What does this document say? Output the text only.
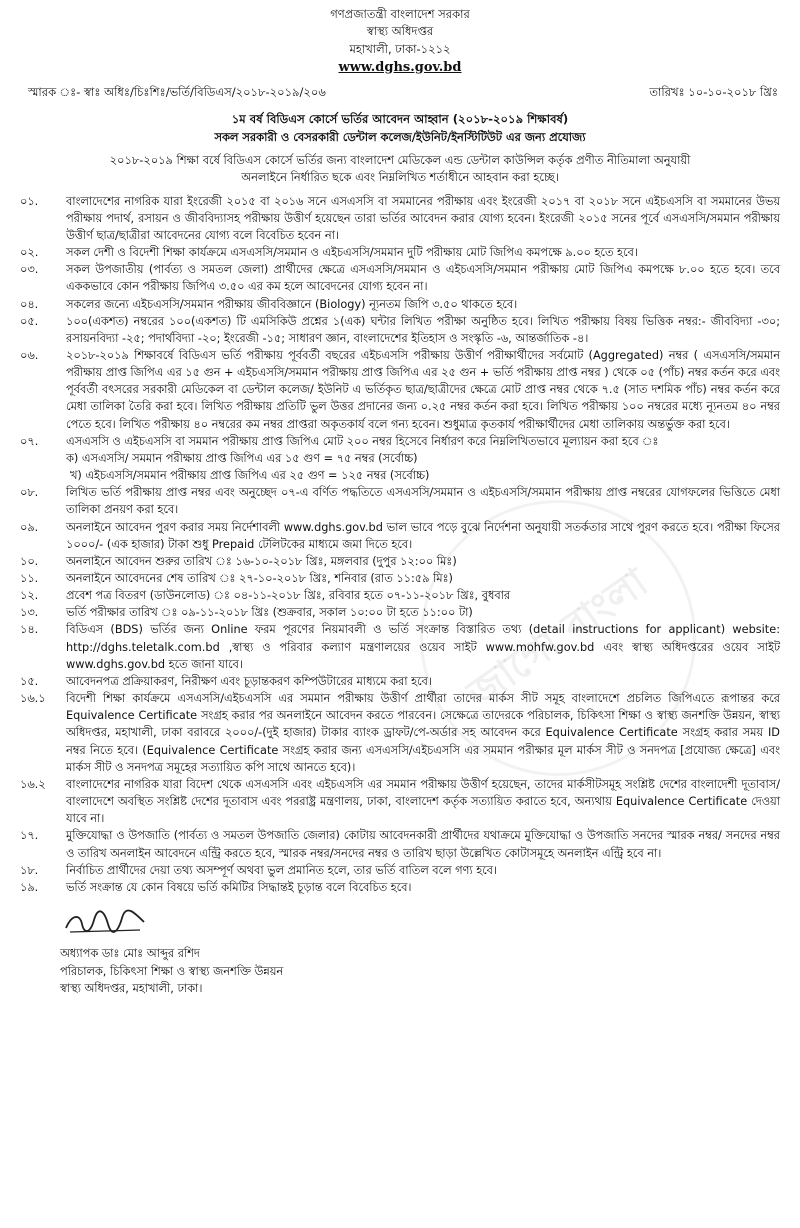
জাগো বাংলা
গণপ্রজাতন্ত্রী বাংলাদেশ সরকার
স্বাস্থ্য অধিদপ্তর
মহাখালী, ঢাকা-১২১২
www.dghs.gov.bd
স্মারক ঃ- স্বাঃ অধিঃ/চিঃশিঃ/ভর্তি/বিডিএস/২০১৮-২০১৯/২০৬	তারিখঃ ১০-১০-২০১৮ খ্রিঃ
১ম বর্ষ বিডিএস কোর্সে ভর্তির আবেদন আহ্বান (২০১৮-২০১৯ শিক্ষাবর্ষ)
সকল সরকারী ও বেসরকারী ডেন্টাল কলেজ/ইউনিট/ইনস্টিটিউট এর জন্য প্রযোজ্য
২০১৮-২০১৯ শিক্ষা বর্ষে বিডিএস কোর্সে ভর্তির জন্য বাংলাদেশ মেডিকেল এন্ড ডেন্টাল কাউন্সিল কর্তৃক প্রণীত নীতিমালা অনুযায়ী
অনলাইনে নির্ধারিত ছকে এবং নিম্নলিখিত শর্তাধীনে আহবান করা হচ্ছে।
০১.	বাংলাদেশের নাগরিক যারা ইংরেজী ২০১৫ বা ২০১৬ সনে এসএসসি বা সমমানের পরীক্ষায় এবং ইংরেজী ২০১৭ বা ২০১৮ সনে এইচএসসি বা সমমানের উভয় পরীক্ষায় পদার্থ, রসায়ন ও জীববিদ্যাসহ পরীক্ষায় উত্তীর্ণ হয়েছেন তারা ভর্তির আবেদন করার যোগ্য হবেন। ইংরেজী ২০১৫ সনের পূর্বে এসএসসি/সমমান পরীক্ষায় উত্তীর্ণ ছাত্র/ছাত্রীরা আবেদনের যোগ্য বলে বিবেচিত হবেন না।
০২.	সকল দেশী ও বিদেশী শিক্ষা কার্যক্রমে এসএসসি/সমমান ও এইচএসসি/সমমান দুটি পরীক্ষায় মোট জিপিএ কমপক্ষে ৯.০০ হতে হবে।
০৩.	সকল উপজাতীয় (পার্বত্য ও সমতল জেলা) প্রার্থীদের ক্ষেত্রে এসএসসি/সমমান ও এইচএসসি/সমমান পরীক্ষায় মোট জিপিএ কমপক্ষে ৮.০০ হতে হবে। তবে এককভাবে কোন পরীক্ষায় জিপিএ ৩.৫০ এর কম হলে আবেদনের যোগ্য হবেন না।
০৪.	সকলের জন্যে এইচএসসি/সমমান পরীক্ষায় জীববিজ্ঞানে (Biology) ন্যূনতম জিপি ৩.৫০ থাকতে হবে।
০৫.	১০০(একশত) নম্বরের ১০০(একশত) টি এমসিকিউ প্রশ্নের ১(এক) ঘন্টার লিখিত পরীক্ষা অনুষ্ঠিত হবে। লিখিত পরীক্ষায় বিষয় ভিত্তিক নম্বর:- জীববিদ্যা -৩০; রসায়নবিদ্যা -২৫; পদার্থবিদ্যা -২০; ইংরেজী -১৫; সাধারণ জ্ঞান, বাংলাদেশের ইতিহাস ও সংস্কৃতি -৬, আন্তর্জাতিক -৪।
০৬.	২০১৮-২০১৯ শিক্ষাবর্ষে বিডিএস ভর্তি পরীক্ষায় পূর্ববর্তী বছরের এইচএসসি পরীক্ষায় উত্তীর্ণ পরীক্ষার্থীদের সর্বমোট (Aggregated) নম্বর ( এসএসসি/সমমান পরীক্ষায় প্রাপ্ত জিপিএ এর ১৫ গুন + এইচএসসি/সমমান পরীক্ষায় প্রাপ্ত জিপিএ এর ২৫ গুন + ভর্তি পরীক্ষায় প্রাপ্ত নম্বর ) থেকে ০৫ (পাঁচ) নম্বর কর্তন করে এবং পূর্ববর্তী বৎসরের সরকারী মেডিকেল বা ডেন্টাল কলেজ/ ইউনিট এ ভর্তিকৃত ছাত্র/ছাত্রীদের ক্ষেত্রে মোট প্রাপ্ত নম্বর থেকে ৭.৫ (সাত দশমিক পাঁচ) নম্বর কর্তন করে মেধা তালিকা তৈরি করা হবে। লিখিত পরীক্ষায় প্রতিটি ভুল উত্তর প্রদানের জন্য ০.২৫ নম্বর কর্তন করা হবে। লিখিত পরীক্ষায় ১০০ নম্বরের মধ্যে ন্যূনতম ৪০ নম্বর পেতে হবে। লিখিত পরীক্ষায় ৪০ নম্বরের কম নম্বর প্রাপ্তরা অকৃতকার্য বলে গন্য হবেন। শুধুমাত্র কৃতকার্য পরীক্ষার্থীদের মেধা তালিকায় অন্তর্ভুক্ত করা হবে।
০৭.	এসএসসি ও এইচএসসি বা সমমান পরীক্ষায় প্রাপ্ত জিপিএ মোট ২০০ নম্বর হিসেবে নির্ধারণ করে নিম্নলিখিতভাবে মূল্যায়ন করা হবে ঃ
ক) এসএসসি/ সমমান পরীক্ষায় প্রাপ্ত জিপিএ এর ১৫ গুণ = ৭৫ নম্বর (সর্বোচ্চ)
খ) এইচএসসি/সমমান পরীক্ষায় প্রাপ্ত জিপিএ এর ২৫ গুণ = ১২৫ নম্বর (সর্বোচ্চ)
০৮.	লিখিত ভর্তি পরীক্ষায় প্রাপ্ত নম্বর এবং অনুচ্ছেদ ০৭-এ বর্ণিত পদ্ধতিতে এসএসসি/সমমান ও এইচএসসি/সমমান পরীক্ষায় প্রাপ্ত নম্বরের যোগফলের ভিত্তিতে মেধা তালিকা প্রনয়ণ করা হবে।
০৯.	অনলাইনে আবেদন পুরণ করার সময় নির্দেশাবলী www.dghs.gov.bd ভাল ভাবে পড়ে বুঝে নির্দেশনা অনুযায়ী সতর্কতার সাথে পুরণ করতে হবে। পরীক্ষা ফিসের ১০০০/- (এক হাজার) টাকা শুধু Prepaid টেলিটকের মাধ্যমে জমা দিতে হবে।
১০.	অনলাইনে আবেদন শুরুর তারিখ ঃ ১৬-১০-২০১৮ খ্রিঃ, মঙ্গলবার (দুপুর ১২:০০ মিঃ)
১১.	অনলাইনে আবেদনের শেষ তারিখ ঃ ২৭-১০-২০১৮ খ্রিঃ, শনিবার (রাত ১১:৫৯ মিঃ)
১২.	প্রবেশ পত্র বিতরণ (ডাউনলোড) ঃ ০৪-১১-২০১৮ খ্রিঃ, রবিবার হতে ০৭-১১-২০১৮ খ্রিঃ, বুধবার
১৩.	ভর্তি পরীক্ষার তারিখ ঃ ০৯-১১-২০১৮ খ্রিঃ (শুক্রবার, সকাল ১০:০০ টা হতে ১১:০০ টা)
১৪.	বিডিএস (BDS) ভর্তির জন্য Online ফরম পূরণের নিয়মাবলী ও ভর্তি সংক্রান্ত বিস্তারিত তথ্য (detail instructions for applicant) website: http://dghs.teletalk.com.bd ,স্বাস্থ্য ও পরিবার কল্যাণ মন্ত্রণালয়ের ওয়েব সাইট www.mohfw.gov.bd এবং স্বাস্থ্য অধিদপ্তরের ওয়েব সাইট www.dghs.gov.bd হতে জানা যাবে।
১৫.	আবেদনপত্র প্রক্রিয়াকরণ, নিরীক্ষণ এবং চূড়ান্তকরণ কম্পিউটারের মাধ্যমে করা হবে।
১৬.১	বিদেশী শিক্ষা কার্যক্রমে এসএসসি/এইচএসসি এর সমমান পরীক্ষায় উত্তীর্ণ প্রার্থীরা তাদের মার্কস সীট সমূহ বাংলাদেশে প্রচলিত জিপিএতে রূপান্তর করে Equivalence Certificate সংগ্রহ করার পর অনলাইনে আবেদন করতে পারবেন। সেক্ষেত্রে তাদেরকে পরিচালক, চিকিৎসা শিক্ষা ও স্বাস্থ্য জনশক্তি উন্নয়ন, স্বাস্থ্য অধিদপ্তর, মহাখালী, ঢাকা বরাবরে ২০০০/-(দুই হাজার) টাকার ব্যাংক ড্রাফট/পে-অর্ডার সহ আবেদন করে Equivalence Certificate সংগ্রহ করার সময় ID নম্বর নিতে হবে। (Equivalence Certificate সংগ্রহ করার জন্য এসএসসি/এইচএসসি এর সমমান পরীক্ষার মূল মার্কস সীট ও সনদপত্র [প্রযোজ্য ক্ষেত্রে] এবং মার্কস সীট ও সনদপত্র সমূহের সত্যায়িত কপি সাথে আনতে হবে)।
১৬.২	বাংলাদেশের নাগরিক যারা বিদেশ থেকে এসএসসি এবং এইচএসসি এর সমমান পরীক্ষায় উত্তীর্ণ হয়েছেন, তাদের মার্কসীটসমূহ সংশ্লিষ্ট দেশের বাংলাদেশী দূতাবাস/ বাংলাদেশে অবস্থিত সংশ্লিষ্ট দেশের দূতাবাস এবং পররাষ্ট্র মন্ত্রণালয়, ঢাকা, বাংলাদেশ কর্তৃক সত্যায়িত করাতে হবে, অন্যথায় Equivalence Certificate দেওয়া যাবে না।
১৭.	মুক্তিযোদ্ধা ও উপজাতি (পার্বত্য ও সমতল উপজাতি জেলার) কোটায় আবেদনকারী প্রার্থীদের যথাক্রমে মুক্তিযোদ্ধা ও উপজাতি সনদের স্মারক নম্বর/ সনদের নম্বর ও তারিখ অনলাইন আবেদনে এন্ট্রি করতে হবে, স্মারক নম্বর/সনদের নম্বর ও তারিখ ছাড়া উল্লেখিত কোটাসমূহে অনলাইন এন্ট্রি হবে না।
১৮.	নির্বাচিত প্রার্থীদের দেয়া তথ্য অসম্পূর্ণ অথবা ভুল প্রমানিত হলে, তার ভর্তি বাতিল বলে গণ্য হবে।
১৯.	ভর্তি সংক্রান্ত যে কোন বিষয়ে ভর্তি কমিটির সিদ্ধান্তই চূড়ান্ত বলে বিবেচিত হবে।
অধ্যাপক ডাঃ মোঃ আব্দুর রশিদ
পরিচালক, চিকিৎসা শিক্ষা ও স্বাস্থ্য জনশক্তি উন্নয়ন
স্বাস্থ্য অধিদপ্তর, মহাখালী, ঢাকা।
